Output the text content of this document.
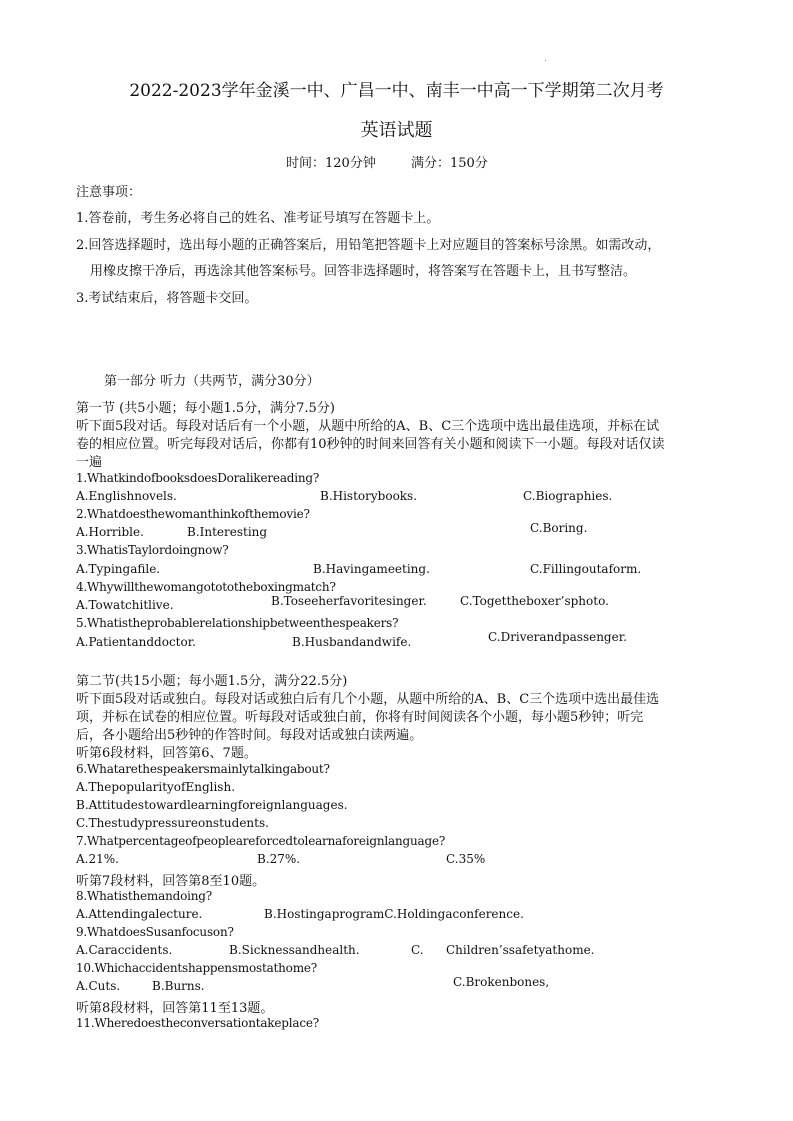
2022-2023学年金溪一中、广昌一中、南丰一中高一下学期第二次月考
英语试题
时间：120分钟	满分：150分
注意事项：
1.答卷前，考生务必将自己的姓名、准考证号填写在答题卡上。
2.回答选择题时，选出每小题的正确答案后，用铅笔把答题卡上对应题目的答案标号涂黑。如需改动，
用橡皮擦干净后，再选涂其他答案标号。回答非选择题时，将答案写在答题卡上，且书写整洁。
3.考试结束后，将答题卡交回。
第一部分 听力（共两节，满分30分）
第一节 (共5小题；每小题1.5分，满分7.5分)
听下面5段对话。每段对话后有一个小题，从题中所给的A、B、C三个选项中选出最佳选项，并标在试
卷的相应位置。听完每段对话后，你都有10秒钟的时间来回答有关小题和阅读下一小题。每段对话仅读
一遍
1.WhatkindofbooksdoesDoralikereading?
A.Englishnovels.	B.Historybooks.	C.Biographies.
2.Whatdoesthewomanthinkofthemovie?
A.Horrible.	B.Interesting	C.Boring.
3.WhatisTaylordoingnow?
A.Typingafile.	B.Havingameeting.	C.Fillingoutaform.
4.Whywillthewomangotototheboxingmatch?
A.Towatchitlive.	B.Toseeherfavoritesinger.	C.Togettheboxer’sphoto.
5.Whatistheprobablerelationshipbetweenthespeakers?
A.Patientanddoctor.	B.Husbandandwife.	C.Driverandpassenger.
第二节(共15小题；每小题1.5分，满分22.5分)
听下面5段对话或独白。每段对话或独白后有几个小题，从题中所给的A、B、C三个选项中选出最佳选
项，并标在试卷的相应位置。听每段对话或独白前，你将有时间阅读各个小题，每小题5秒钟；听完
后，各小题给出5秒钟的作答时间。每段对话或独白读两遍。
听第6段材料，回答第6、7题。
6.Whatarethespeakersmainlytalkingabout?
A.ThepopularityofEnglish.
B.Attitudestowardlearningforeignlanguages.
C.Thestudypressureonstudents.
7.Whatpercentageofpeopleareforcedtolearnaforeignlanguage?
A.21%.	B.27%.	C.35%
听第7段材料，回答第8至10题。
8.Whatisthemandoing?
A.Attendingalecture.	B.HostingaprogramC.Holdingaconference.
9.WhatdoesSusanfocuson?
A.Caraccidents.	B.Sicknessandhealth.	C. Children’ssafetyathome.
10.Whichaccidentshappensmostathome?
A.Cuts.	B.Burns.	C.Brokenbones,
听第8段材料，回答第11至13题。
11.Wheredoestheconversationtakeplace?
